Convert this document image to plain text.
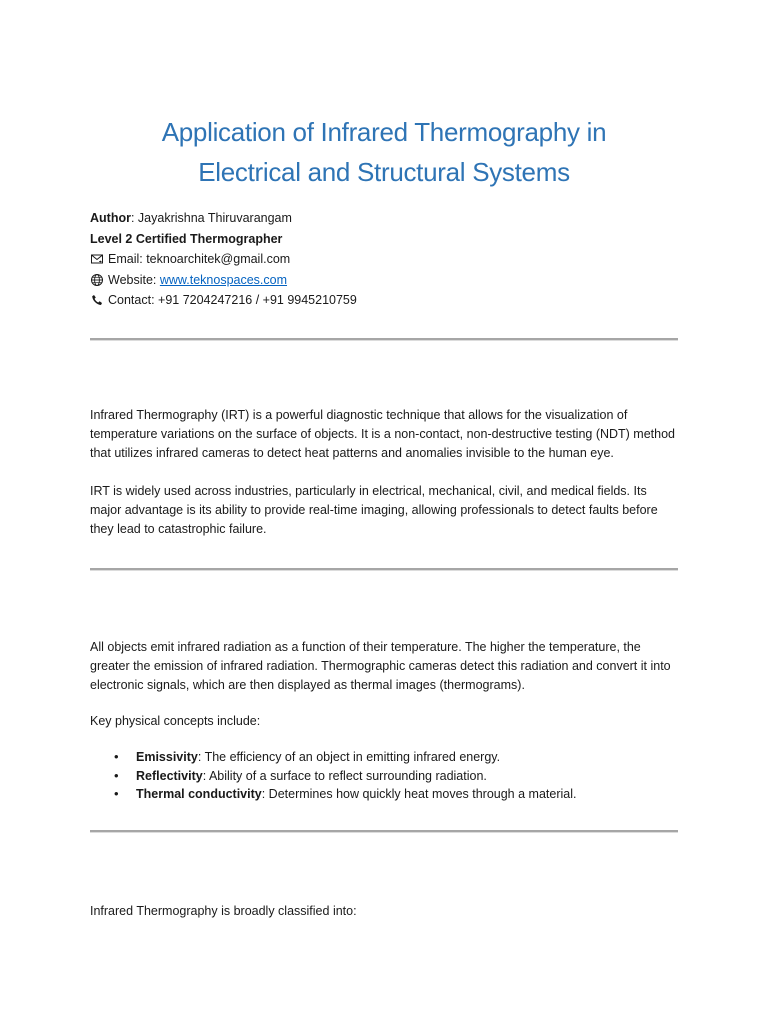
Application of Infrared Thermography in
Electrical and Structural Systems
Author : Jayakrishna Thiruvarangam
Level 2 Certified Thermographer
Email: teknoarchitek@gmail.com
Website: www.teknospaces.com
Contact: +91 7204247216 / +91 9945210759

Infrared Thermography (IRT) is a powerful diagnostic technique that allows for the visualization of temperature variations on the surface of objects. It is a non-contact, non-destructive testing (NDT) method that utilizes infrared cameras to detect heat patterns and anomalies invisible to the human eye.

IRT is widely used across industries, particularly in electrical, mechanical, civil, and medical fields. Its major advantage is its ability to provide real-time imaging, allowing professionals to detect faults before they lead to catastrophic failure.

All objects emit infrared radiation as a function of their temperature. The higher the temperature, the greater the emission of infrared radiation. Thermographic cameras detect this radiation and convert it into electronic signals, which are then displayed as thermal images (thermograms).

Key physical concepts include:

• Emissivity: The efficiency of an object in emitting infrared energy.
• Reflectivity: Ability of a surface to reflect surrounding radiation.
• Thermal conductivity: Determines how quickly heat moves through a material.

Infrared Thermography is broadly classified into:
